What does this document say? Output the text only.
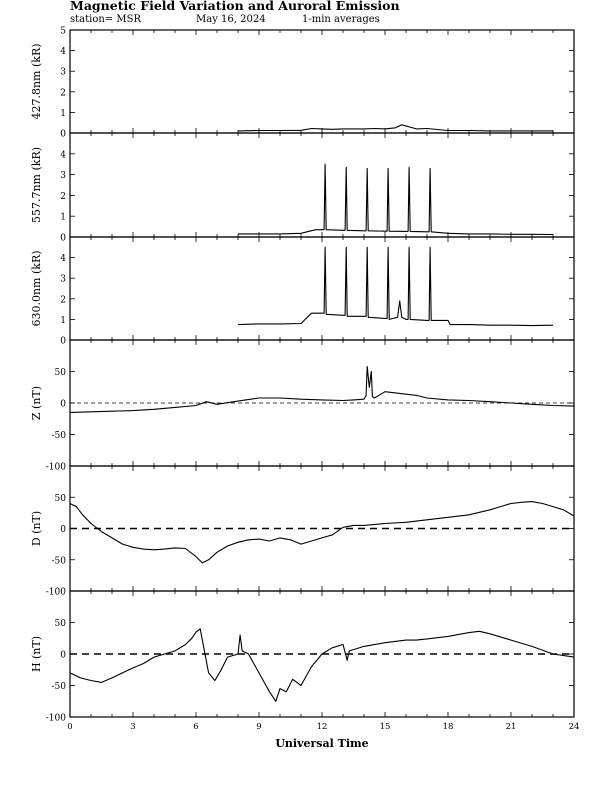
Magnetic Field Variation and Auroral Emission
station= MSR	May 16, 2024	1-min averages
0
1
2
3
4
5
427.8nm (kR)
0
1
2
3
4
557.7nm (kR)
0
1
2
3
4
630.0nm (kR)
-100
-50
0
50
Z (nT)
-100
-50
0
50
D (nT)
-100
-50
0
50
H (nT)
0	3	6	9	12	15	18	21	24
Universal Time
